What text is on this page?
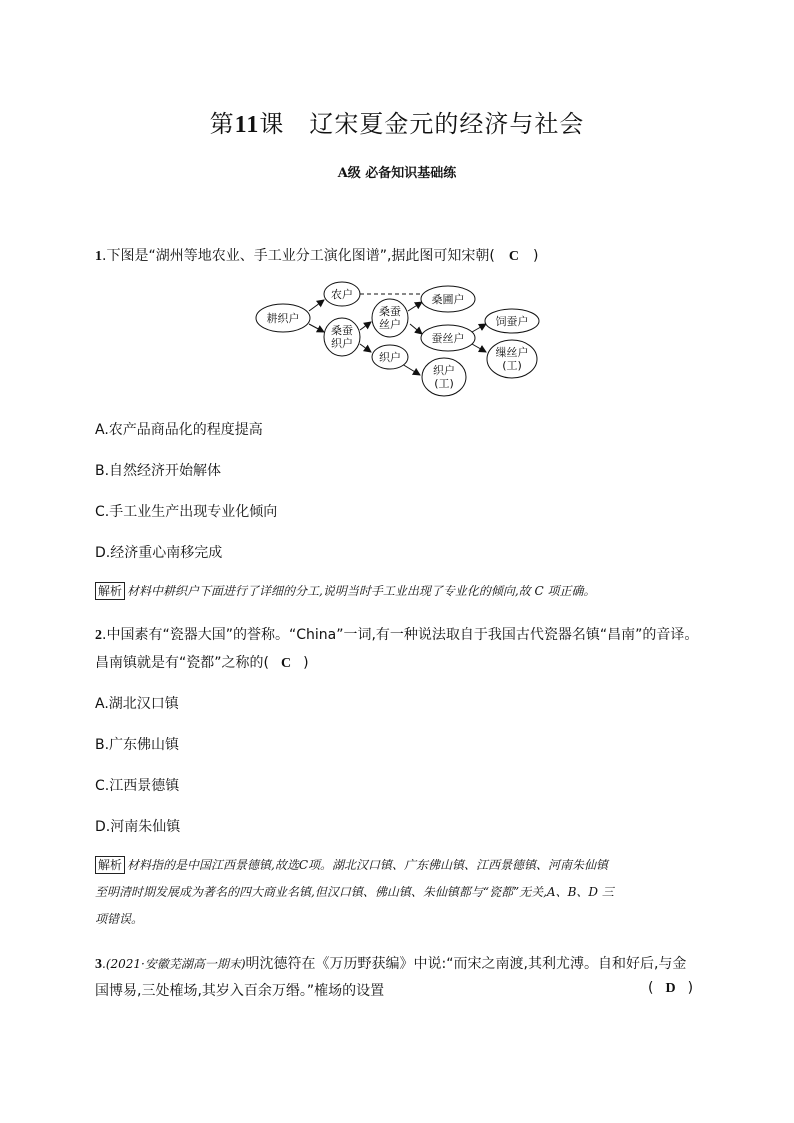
第11课　辽宋夏金元的经济与社会
A级 必备知识基础练
1.下图是“湖州等地农业、手工业分工演化图谱”,据此图可知宋朝( C )
耕织户
农户
桑蚕
织户
桑蚕
丝户
织户
桑圃户
蚕丝户
织户
(工)
饲蚕户
缫丝户
(工)
A.农产品商品化的程度提高
B.自然经济开始解体
C.手工业生产出现专业化倾向
D.经济重心南移完成
解析 材料中耕织户下面进行了详细的分工,说明当时手工业出现了专业化的倾向,故 C 项正确。
2.中国素有“瓷器大国”的誉称。“China”一词,有一种说法取自于我国古代瓷器名镇“昌南”的音译。
昌南镇就是有“瓷都”之称的( C )
A.湖北汉口镇
B.广东佛山镇
C.江西景德镇
D.河南朱仙镇
解析 材料指的是中国江西景德镇,故选C项。湖北汉口镇、广东佛山镇、江西景德镇、河南朱仙镇
至明清时期发展成为著名的四大商业名镇,但汉口镇、佛山镇、朱仙镇都与“瓷都”无关,A、B、D 三
项错误。
3.(2021·安徽芜湖高一期末)明沈德符在《万历野获编》中说:“而宋之南渡,其利尤溥。自和好后,与金
国博易,三处榷场,其岁入百余万缗。”榷场的设置	( D )
